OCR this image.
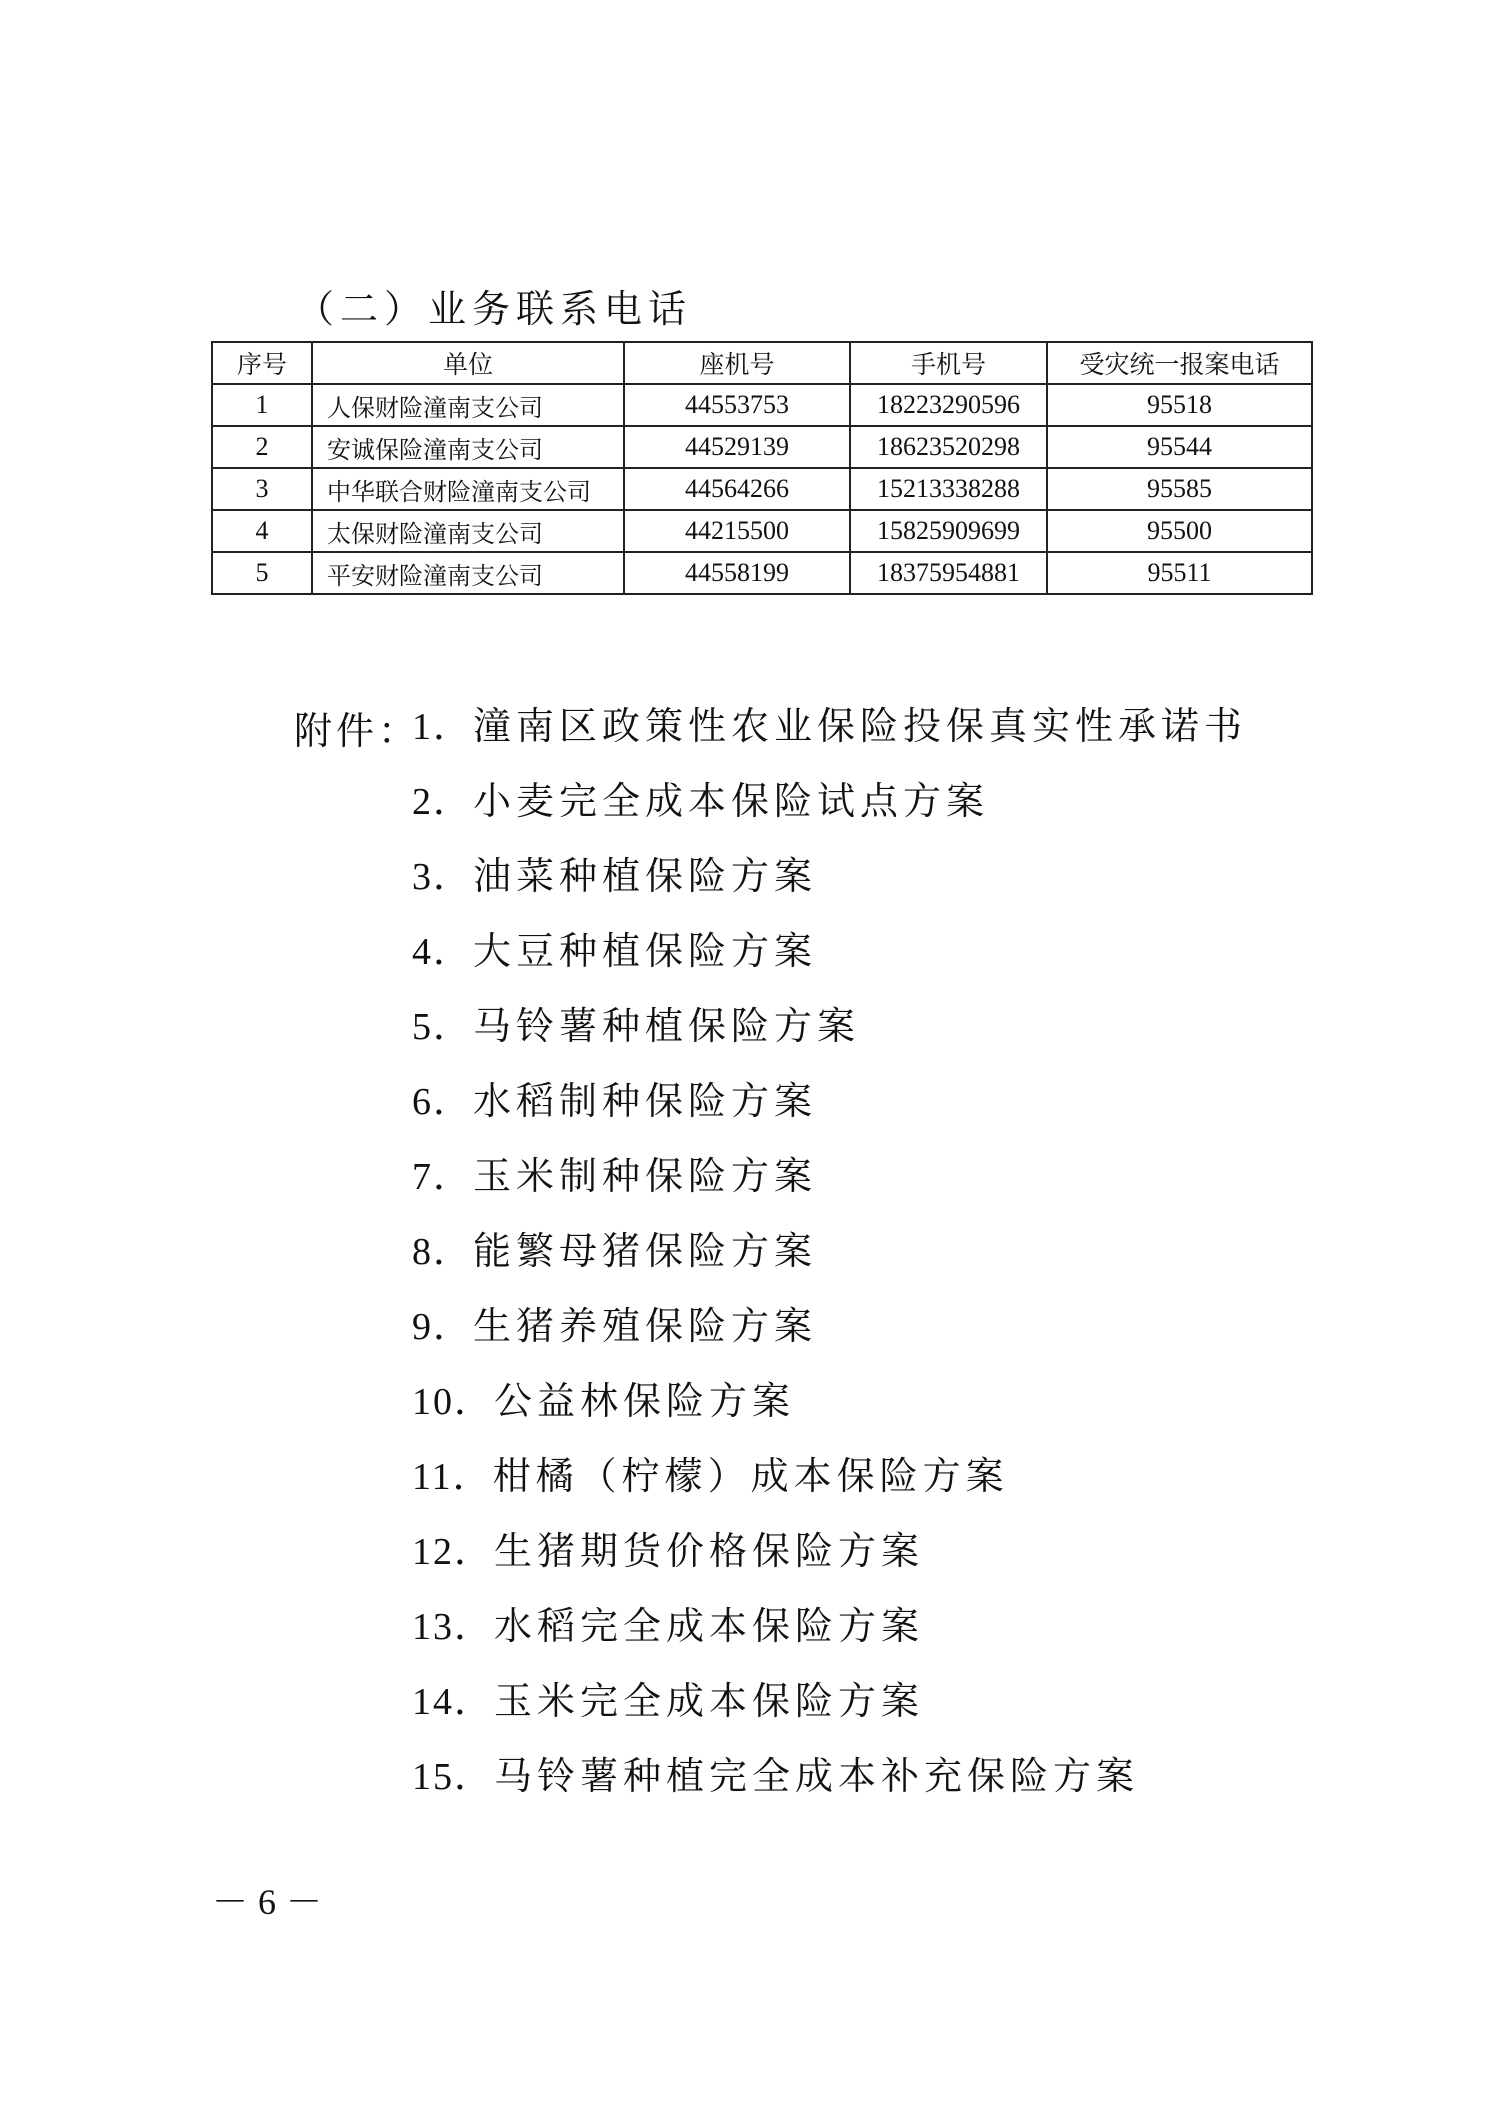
（二）业务联系电话
序号	单位	座机号	手机号	受灾统一报案电话
1	人保财险潼南支公司	44553753	18223290596	95518
2	安诚保险潼南支公司	44529139	18623520298	95544
3	中华联合财险潼南支公司	44564266	15213338288	95585
4	太保财险潼南支公司	44215500	15825909699	95500
5	平安财险潼南支公司	44558199	18375954881	95511
附件：
1．潼南区政策性农业保险投保真实性承诺书
2．小麦完全成本保险试点方案
3．油菜种植保险方案
4．大豆种植保险方案
5．马铃薯种植保险方案
6．水稻制种保险方案
7．玉米制种保险方案
8．能繁母猪保险方案
9．生猪养殖保险方案
10．公益林保险方案
11．柑橘（柠檬）成本保险方案
12．生猪期货价格保险方案
13．水稻完全成本保险方案
14．玉米完全成本保险方案
15．马铃薯种植完全成本补充保险方案
－6－
